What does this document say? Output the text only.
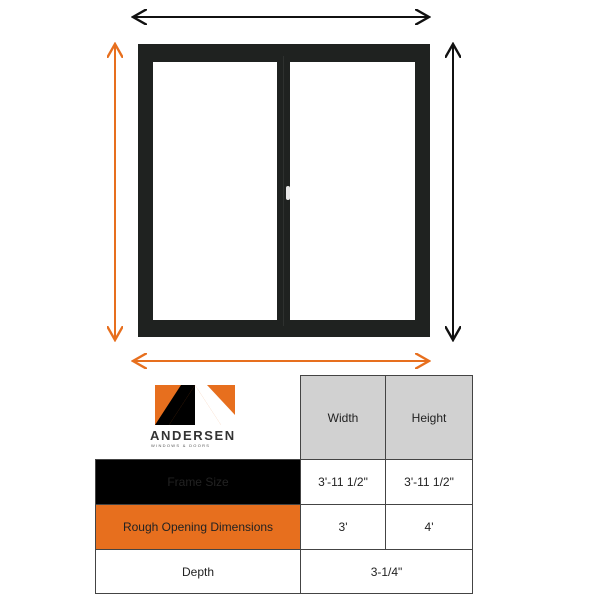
ANDERSEN
WINDOWS & DOORS
	Width	Height
Frame Size	3'-11 1/2"	3'-11 1/2"
Rough Opening Dimensions	3'	4'
Depth	3-1/4"	
